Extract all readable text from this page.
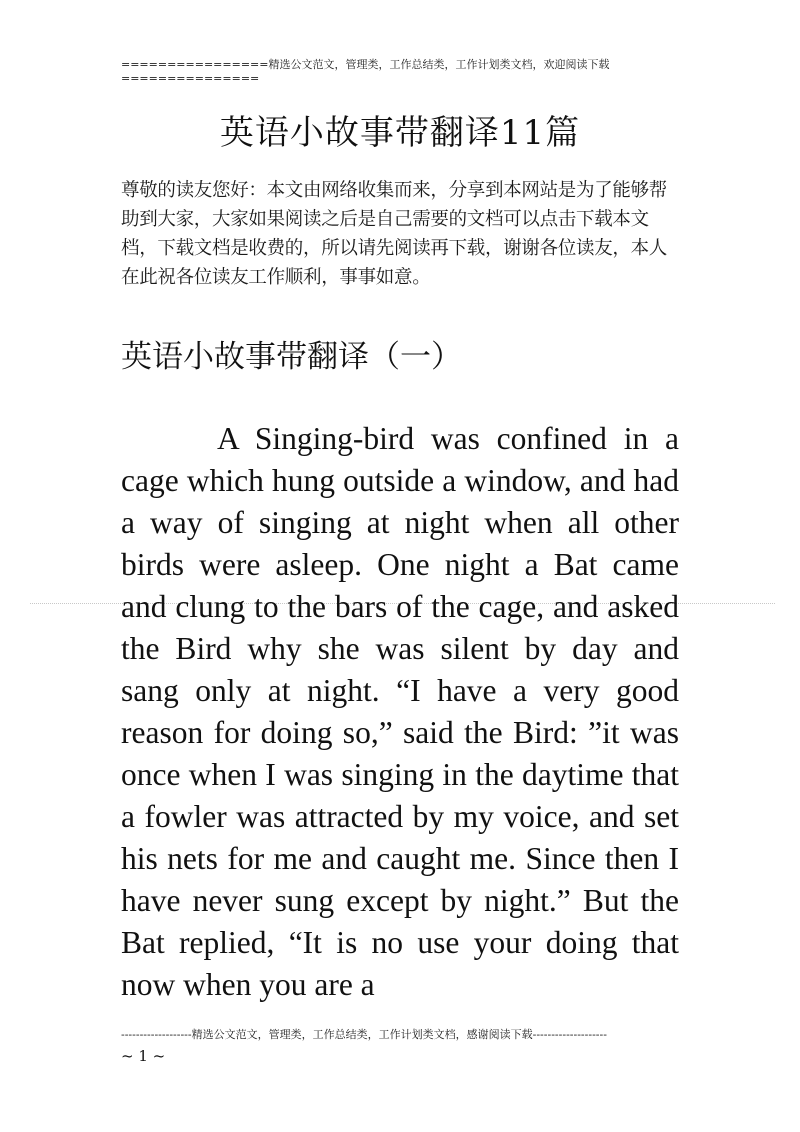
================精选公文范文，管理类，工作总结类，工作计划类文档，欢迎阅读下载
===============
英语小故事带翻译11篇
尊敬的读友您好：本文由网络收集而来，分享到本网站是为了能够帮助到大家，大家如果阅读之后是自己需要的文档可以点击下载本文档，下载文档是收费的，所以请先阅读再下载，谢谢各位读友，本人在此祝各位读友工作顺利，事事如意。
英语小故事带翻译（一）

A Singing-bird was confined in a cage which hung outside a window, and had a way of singing at night when all other birds were asleep. One night a Bat came and clung to the bars of the cage, and asked the Bird why she was silent by day and sang only at night. “I have a very good reason for doing so,” said the Bird: ”it was once when I was singing in the daytime that a fowler was attracted by my voice, and set his nets for me and caught me. Since then I have never sung except by night.” But the Bat replied, “It is no use your doing that now when you are a

-------------------精选公文范文，管理类，工作总结类，工作计划类文档，感谢阅读下载--------------------
~ 1 ~
